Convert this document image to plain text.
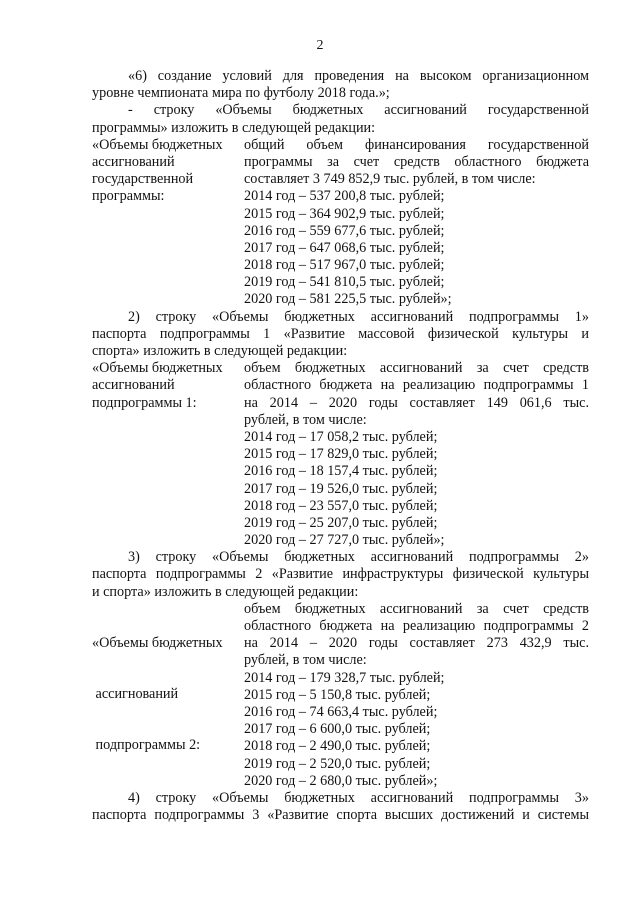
2
«6) создание условий для проведения на высоком организационном
уровне чемпионата мира по футболу 2018 года.»;
- строку «Объемы бюджетных ассигнований государственной
программы» изложить в следующей редакции:
«Объемы бюджетных
ассигнований
государственной
программы:
общий объем финансирования государственной
программы за счет средств областного бюджета
составляет 3 749 852,9 тыс. рублей, в том числе:
2014 год – 537 200,8 тыс. рублей;
2015 год – 364 902,9 тыс. рублей;
2016 год – 559 677,6 тыс. рублей;
2017 год – 647 068,6 тыс. рублей;
2018 год – 517 967,0 тыс. рублей;
2019 год – 541 810,5 тыс. рублей;
2020 год – 581 225,5 тыс. рублей»;
2) строку «Объемы бюджетных ассигнований подпрограммы 1»
паспорта подпрограммы 1 «Развитие массовой физической культуры и
спорта» изложить в следующей редакции:
«Объемы бюджетных
ассигнований
подпрограммы 1:
объем бюджетных ассигнований за счет средств
областного бюджета на реализацию подпрограммы 1
на 2014 – 2020 годы составляет 149 061,6 тыс.
рублей, в том числе:
2014 год – 17 058,2 тыс. рублей;
2015 год – 17 829,0 тыс. рублей;
2016 год – 18 157,4 тыс. рублей;
2017 год – 19 526,0 тыс. рублей;
2018 год – 23 557,0 тыс. рублей;
2019 год – 25 207,0 тыс. рублей;
2020 год – 27 727,0 тыс. рублей»;
3) строку «Объемы бюджетных ассигнований подпрограммы 2»
паспорта подпрограммы 2 «Развитие инфраструктуры физической культуры
и спорта» изложить в следующей редакции:

«Объемы бюджетных

ассигнований

подпрограммы 2:

объем бюджетных ассигнований за счет средств
областного бюджета на реализацию подпрограммы 2
на 2014 – 2020 годы составляет 273 432,9 тыс.
рублей, в том числе:
2014 год – 179 328,7 тыс. рублей;
2015 год – 5 150,8 тыс. рублей;
2016 год – 74 663,4 тыс. рублей;
2017 год – 6 600,0 тыс. рублей;
2018 год – 2 490,0 тыс. рублей;
2019 год – 2 520,0 тыс. рублей;
2020 год – 2 680,0 тыс. рублей»;
4) строку «Объемы бюджетных ассигнований подпрограммы 3»
паспорта подпрограммы 3 «Развитие спорта высших достижений и системы
